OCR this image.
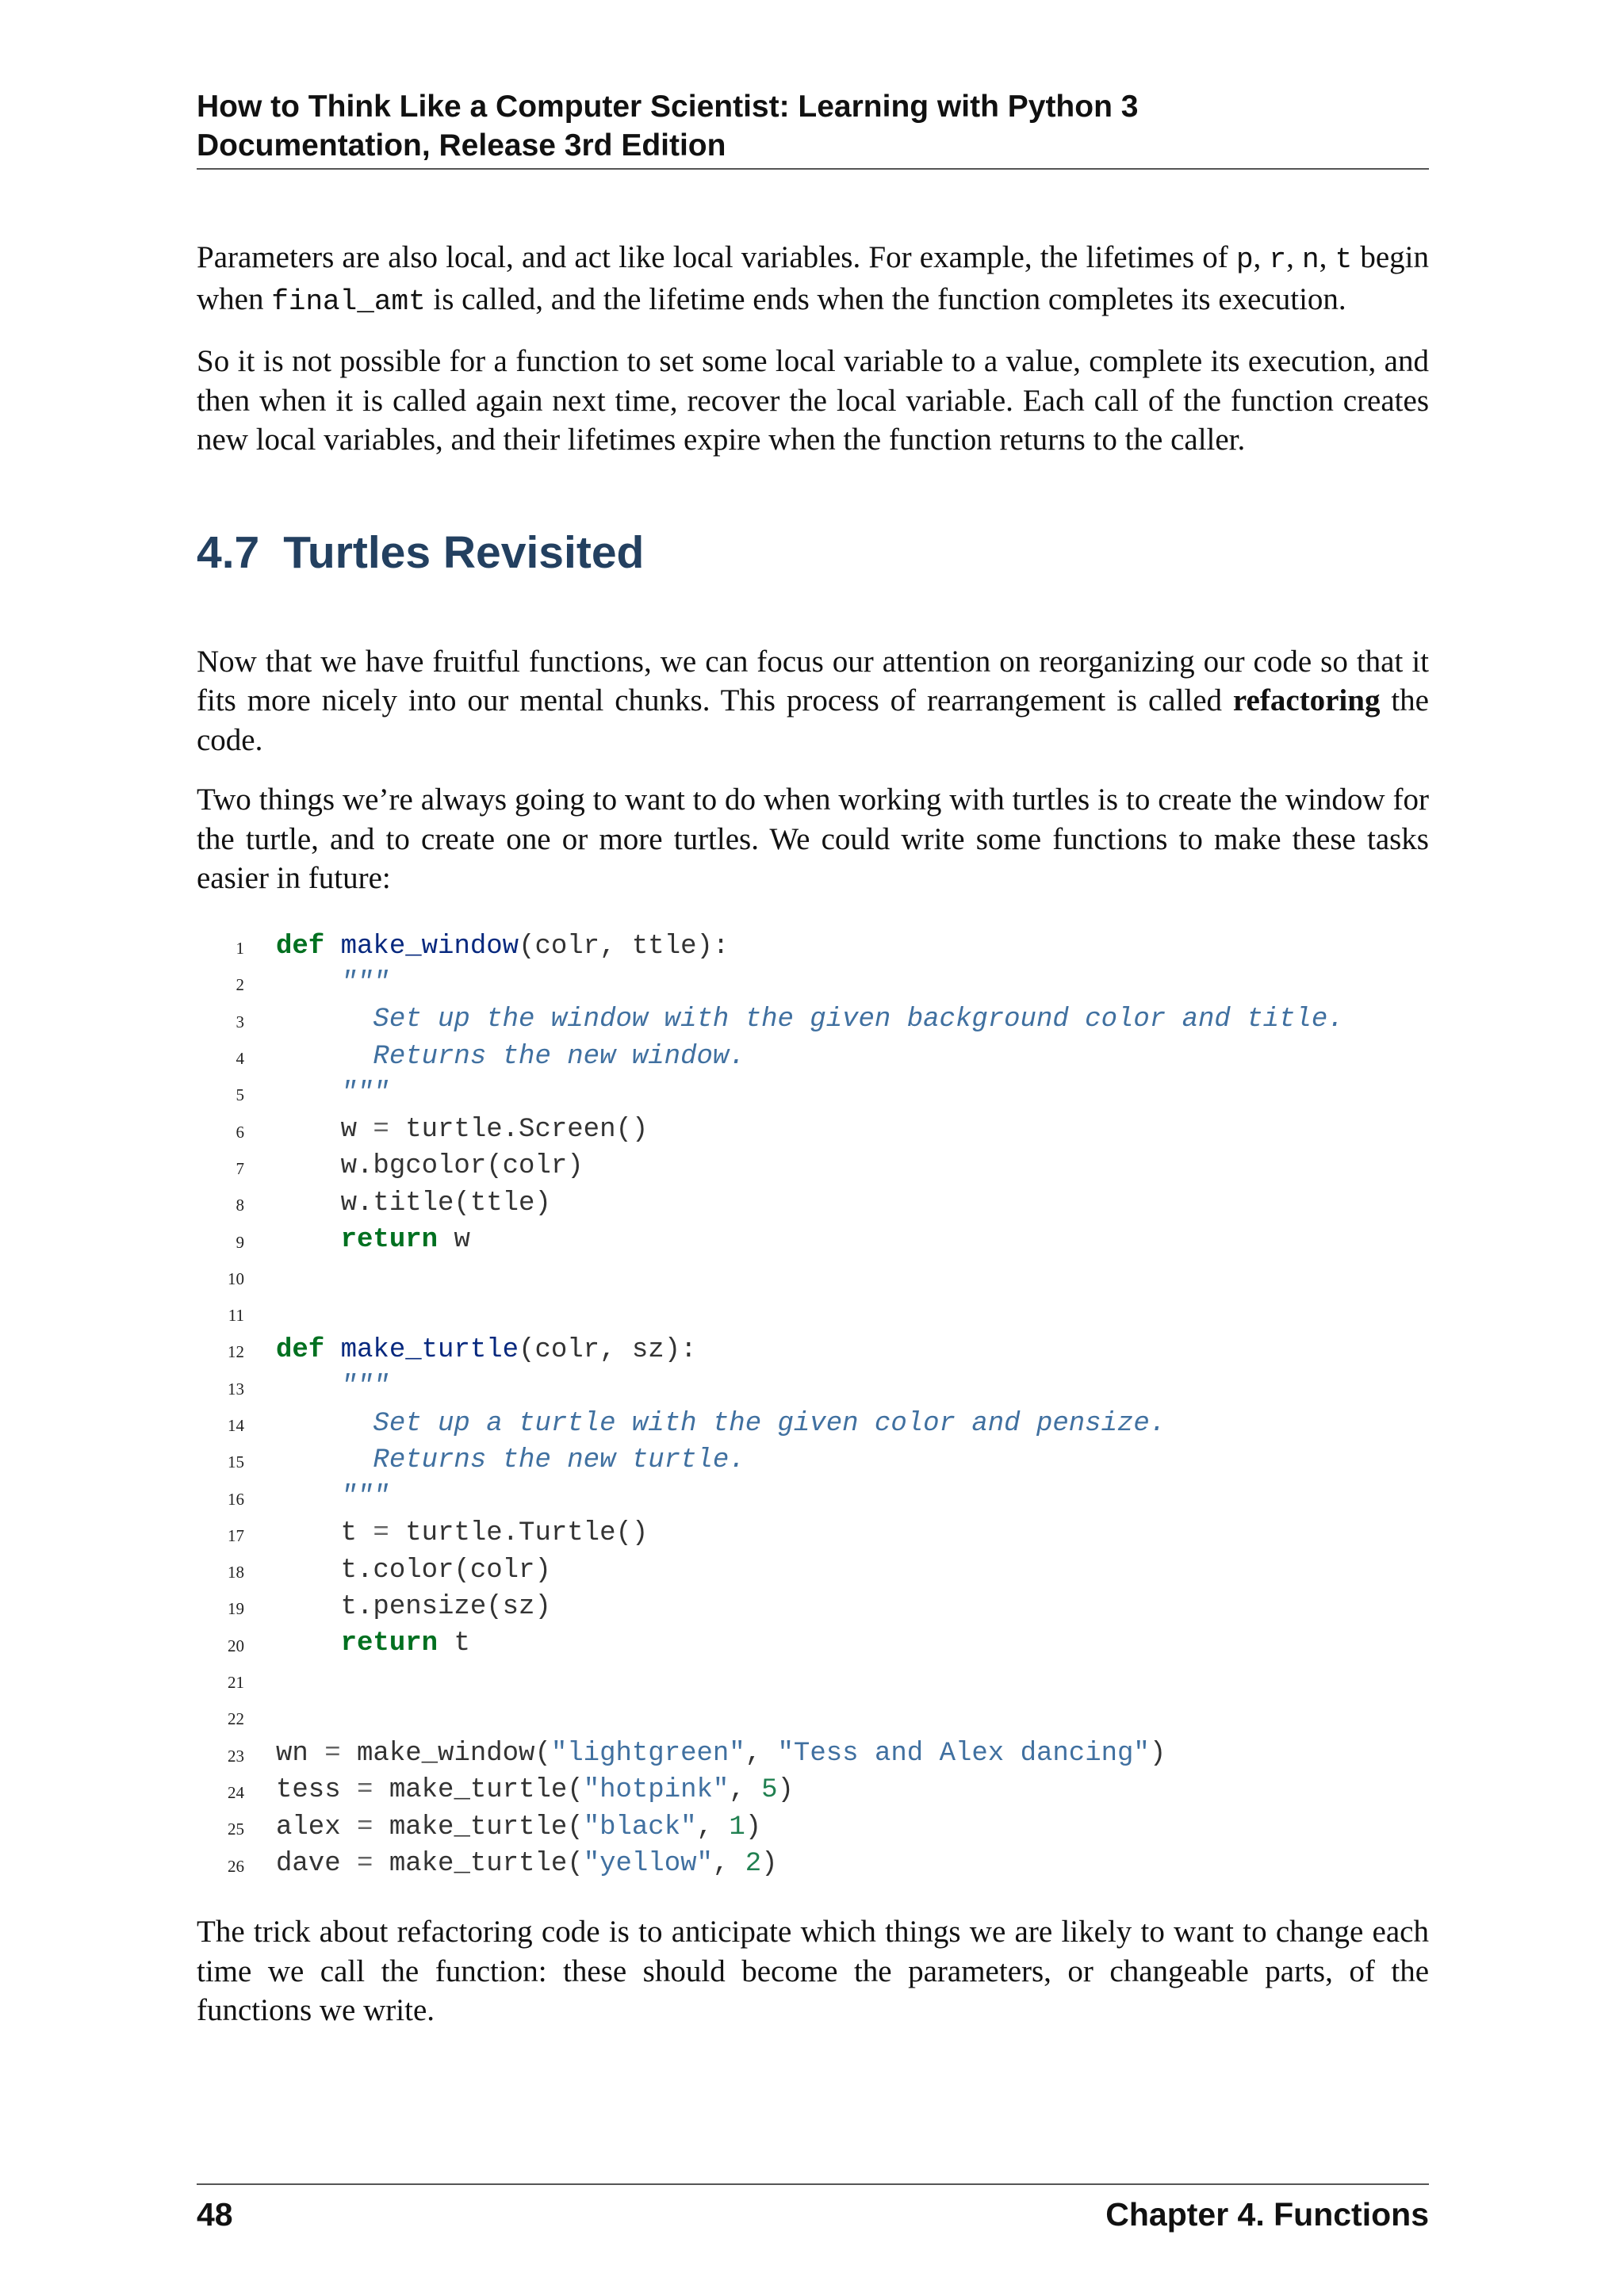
How to Think Like a Computer Scientist: Learning with Python 3
Documentation, Release 3rd Edition

Parameters are also local, and act like local variables. For example, the lifetimes of p, r, n, t begin when final_amt is called, and the lifetime ends when the function completes its execution.

So it is not possible for a function to set some local variable to a value, complete its execution, and then when it is called again next time, recover the local variable. Each call of the function creates new local variables, and their lifetimes expire when the function returns to the caller.

4.7 Turtles Revisited

Now that we have fruitful functions, we can focus our attention on reorganizing our code so that it fits more nicely into our mental chunks. This process of rearrangement is called refactoring the code.

Two things we’re always going to want to do when working with turtles is to create the window for the turtle, and to create one or more turtles. We could write some functions to make these tasks easier in future:

1	def make_window(colr, ttle):
2	"""
3	Set up the window with the given background color and title.
4	Returns the new window.
5	"""
6	w = turtle.Screen()
7	w.bgcolor(colr)
8	w.title(ttle)
9	return w
10
11
12	def make_turtle(colr, sz):
13	"""
14	Set up a turtle with the given color and pensize.
15	Returns the new turtle.
16	"""
17	t = turtle.Turtle()
18	t.color(colr)
19	t.pensize(sz)
20	return t
21
22
23	wn = make_window("lightgreen", "Tess and Alex dancing")
24	tess = make_turtle("hotpink", 5)
25	alex = make_turtle("black", 1)
26	dave = make_turtle("yellow", 2)

The trick about refactoring code is to anticipate which things we are likely to want to change each time we call the function: these should become the parameters, or changeable parts, of the functions we write.

48	Chapter 4. Functions
